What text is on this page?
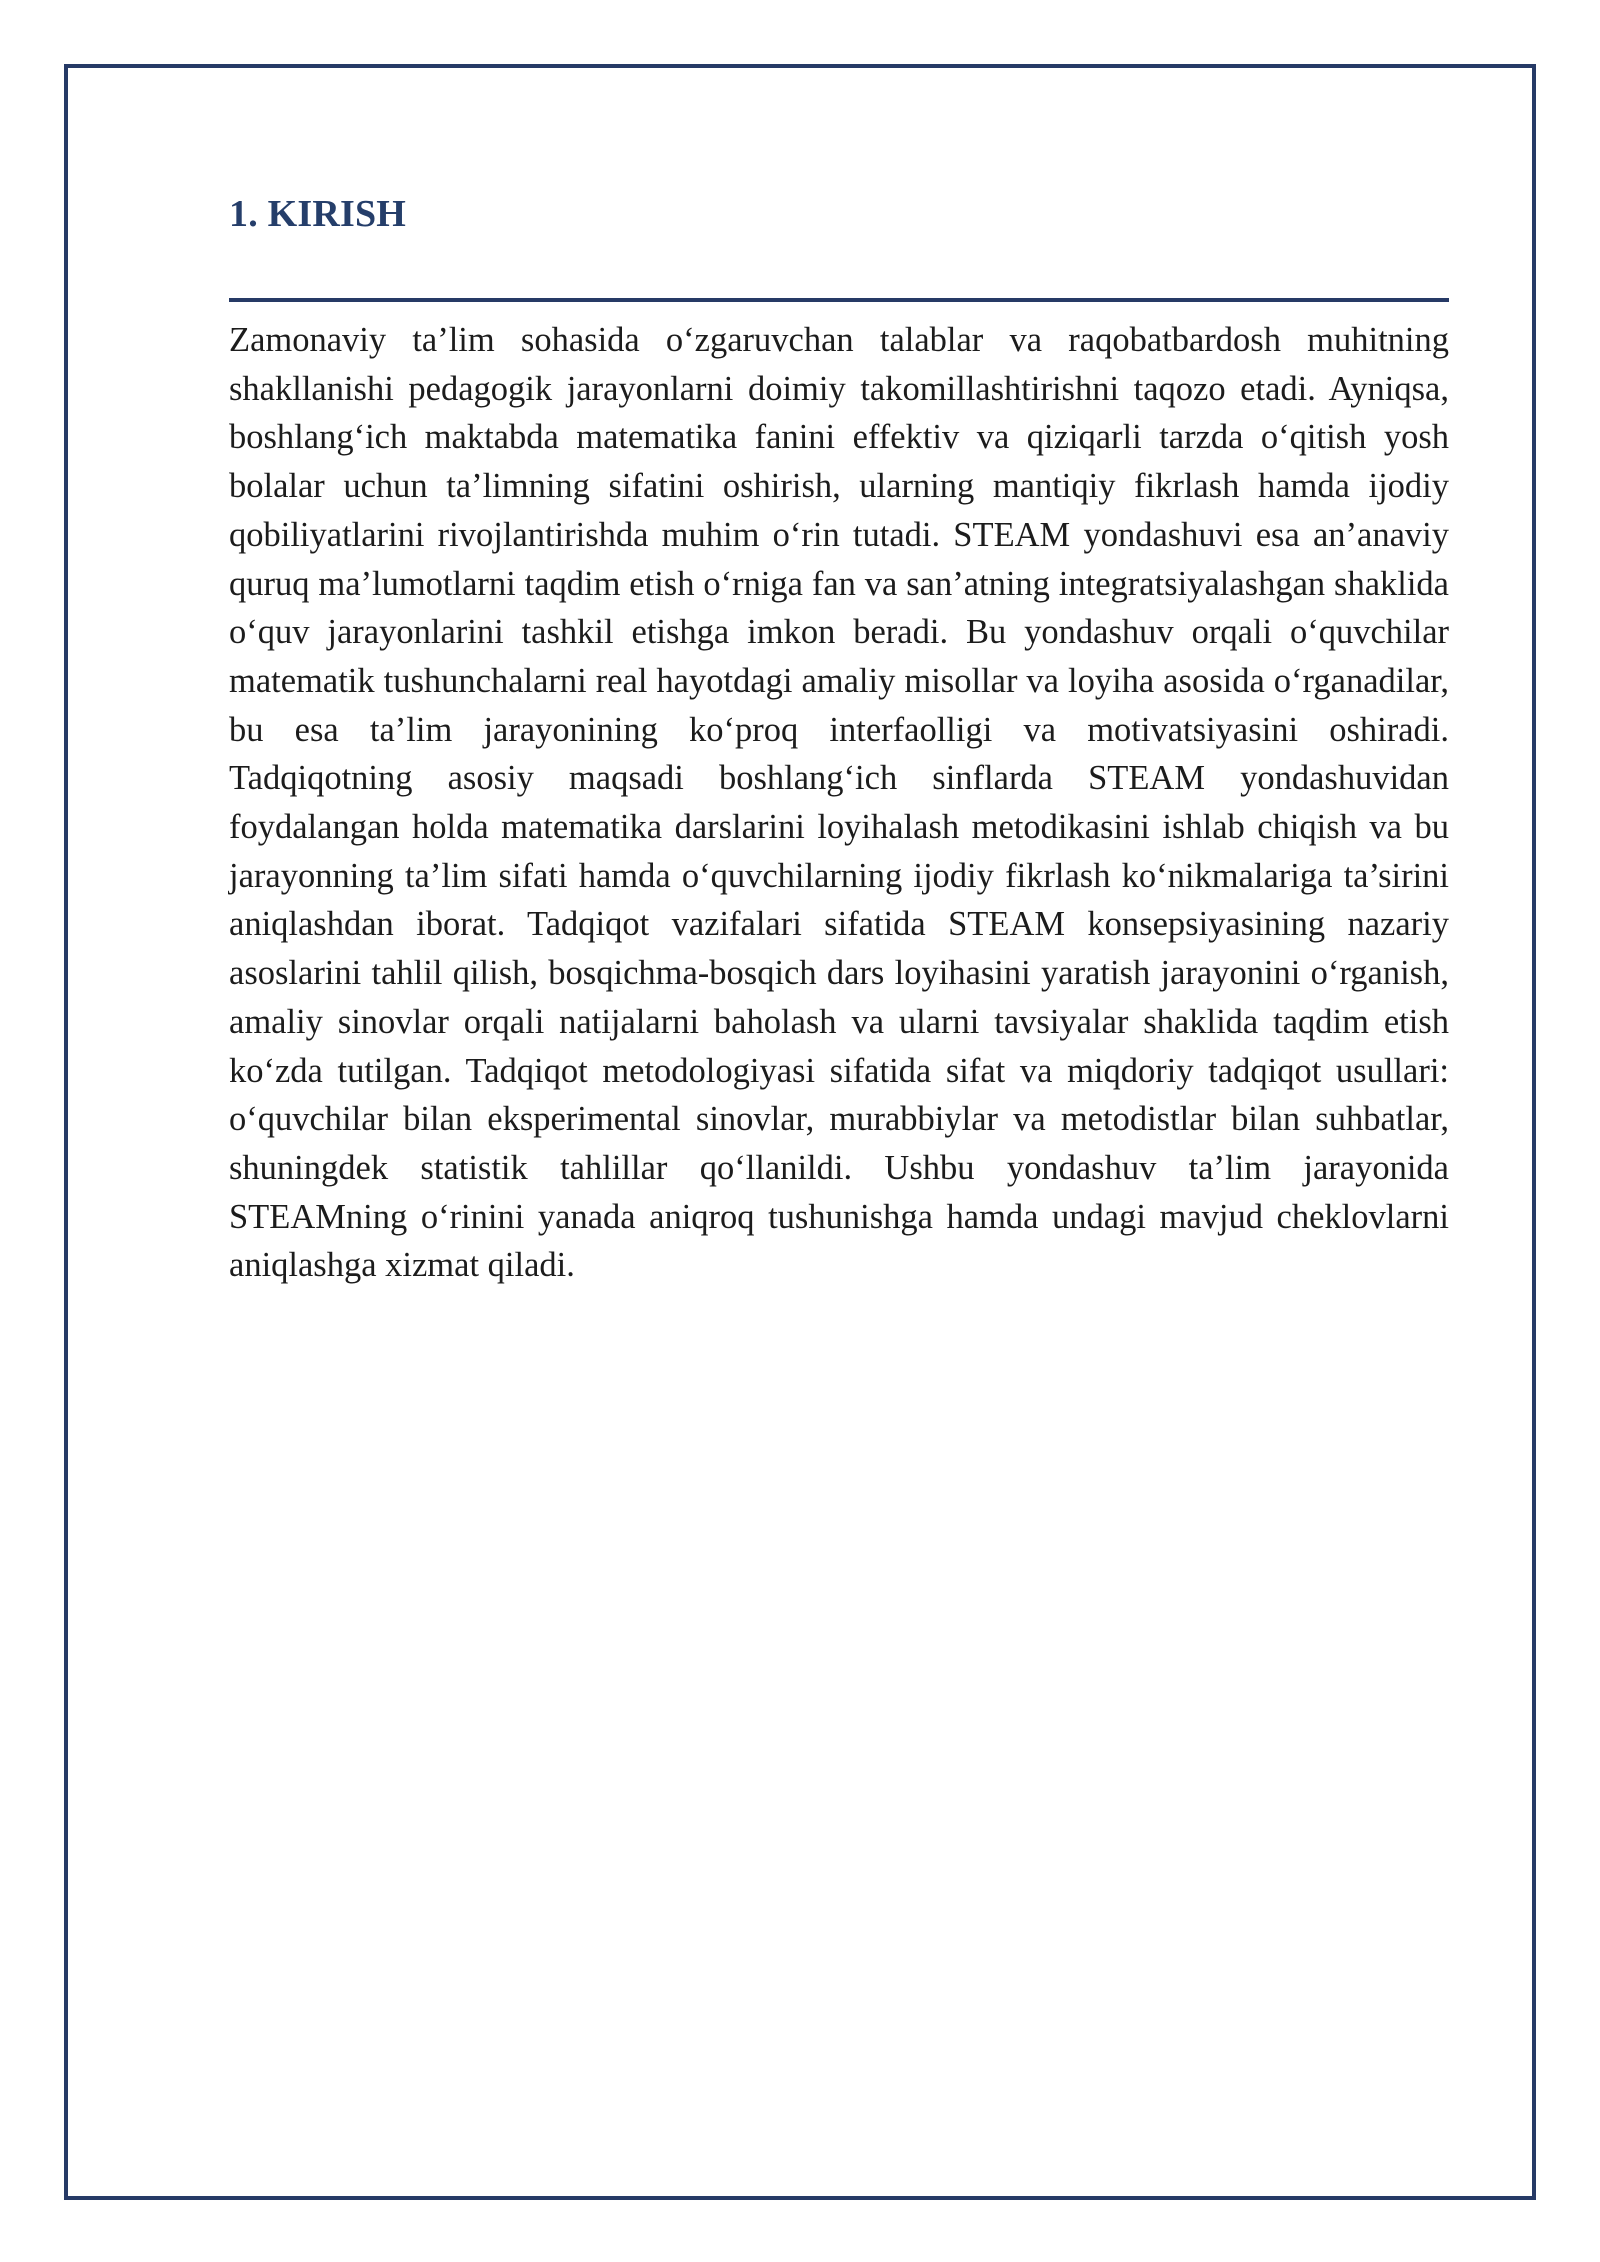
1. KIRISH

Zamonaviy ta’lim sohasida o‘zgaruvchan talablar va raqobatbardosh muhitning shakllanishi pedagogik jarayonlarni doimiy takomillashtirishni taqozo etadi. Ayniqsa, boshlang‘ich maktabda matematika fanini effektiv va qiziqarli tarzda o‘qitish yosh bolalar uchun ta’limning sifatini oshirish, ularning mantiqiy fikrlash hamda ijodiy qobiliyatlarini rivojlantirishda muhim o‘rin tutadi. STEAM yondashuvi esa an’anaviy quruq ma’lumotlarni taqdim etish o‘rniga fan va san’atning integratsiyalashgan shaklida o‘quv jarayonlarini tashkil etishga imkon beradi. Bu yondashuv orqali o‘quvchilar matematik tushunchalarni real hayotdagi amaliy misollar va loyiha asosida o‘rganadilar, bu esa ta’lim jarayonining ko‘proq interfaolligi va motivatsiyasini oshiradi. Tadqiqotning asosiy maqsadi boshlang‘ich sinflarda STEAM yondashuvidan foydalangan holda matematika darslarini loyihalash metodikasini ishlab chiqish va bu jarayonning ta’lim sifati hamda o‘quvchilarning ijodiy fikrlash ko‘nikmalariga ta’sirini aniqlashdan iborat. Tadqiqot vazifalari sifatida STEAM konsepsiyasining nazariy asoslarini tahlil qilish, bosqichma-bosqich dars loyihasini yaratish jarayonini o‘rganish, amaliy sinovlar orqali natijalarni baholash va ularni tavsiyalar shaklida taqdim etish ko‘zda tutilgan. Tadqiqot metodologiyasi sifatida sifat va miqdoriy tadqiqot usullari: o‘quvchilar bilan eksperimental sinovlar, murabbiylar va metodistlar bilan suhbatlar, shuningdek statistik tahlillar qo‘llanildi. Ushbu yondashuv ta’lim jarayonida STEAMning o‘rinini yanada aniqroq tushunishga hamda undagi mavjud cheklovlarni aniqlashga xizmat qiladi.
